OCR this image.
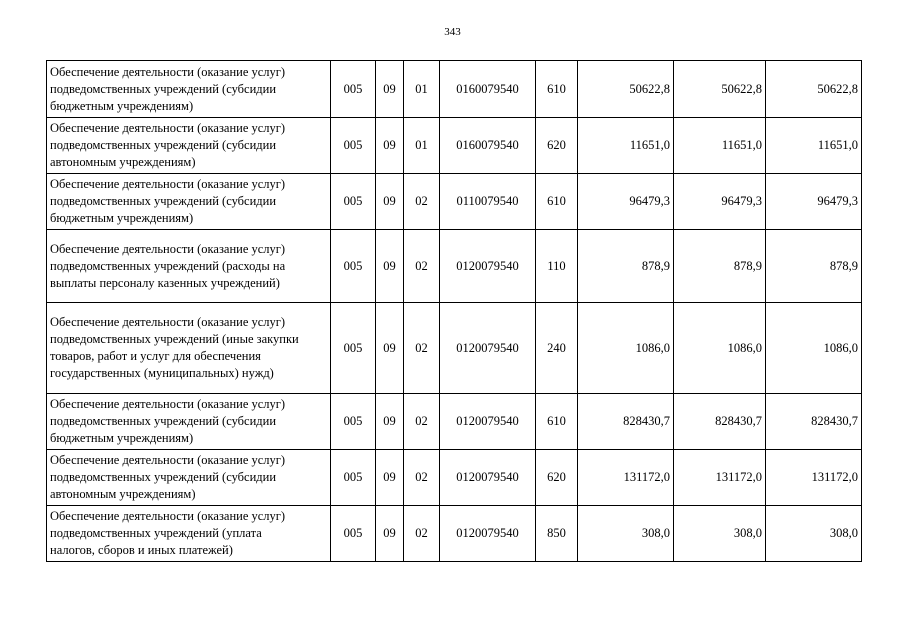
343
Обеспечение деятельности (оказание услуг)
подведомственных учреждений (субсидии
бюджетным учреждениям)	005	09	01	0160079540	610	50622,8	50622,8	50622,8

Обеспечение деятельности (оказание услуг)
подведомственных учреждений (субсидии
автономным учреждениям)	005	09	01	0160079540	620	11651,0	11651,0	11651,0

Обеспечение деятельности (оказание услуг)
подведомственных учреждений (субсидии
бюджетным учреждениям)	005	09	02	0110079540	610	96479,3	96479,3	96479,3

Обеспечение деятельности (оказание услуг)
подведомственных учреждений (расходы на
выплаты персоналу казенных учреждений)	005	09	02	0120079540	110	878,9	878,9	878,9

Обеспечение деятельности (оказание услуг)
подведомственных учреждений (иные закупки
товаров, работ и услуг для обеспечения
государственных (муниципальных) нужд)	005	09	02	0120079540	240	1086,0	1086,0	1086,0

Обеспечение деятельности (оказание услуг)
подведомственных учреждений (субсидии
бюджетным учреждениям)	005	09	02	0120079540	610	828430,7	828430,7	828430,7

Обеспечение деятельности (оказание услуг)
подведомственных учреждений (субсидии
автономным учреждениям)	005	09	02	0120079540	620	131172,0	131172,0	131172,0

Обеспечение деятельности (оказание услуг)
подведомственных учреждений (уплата
налогов, сборов и иных платежей)	005	09	02	0120079540	850	308,0	308,0	308,0
